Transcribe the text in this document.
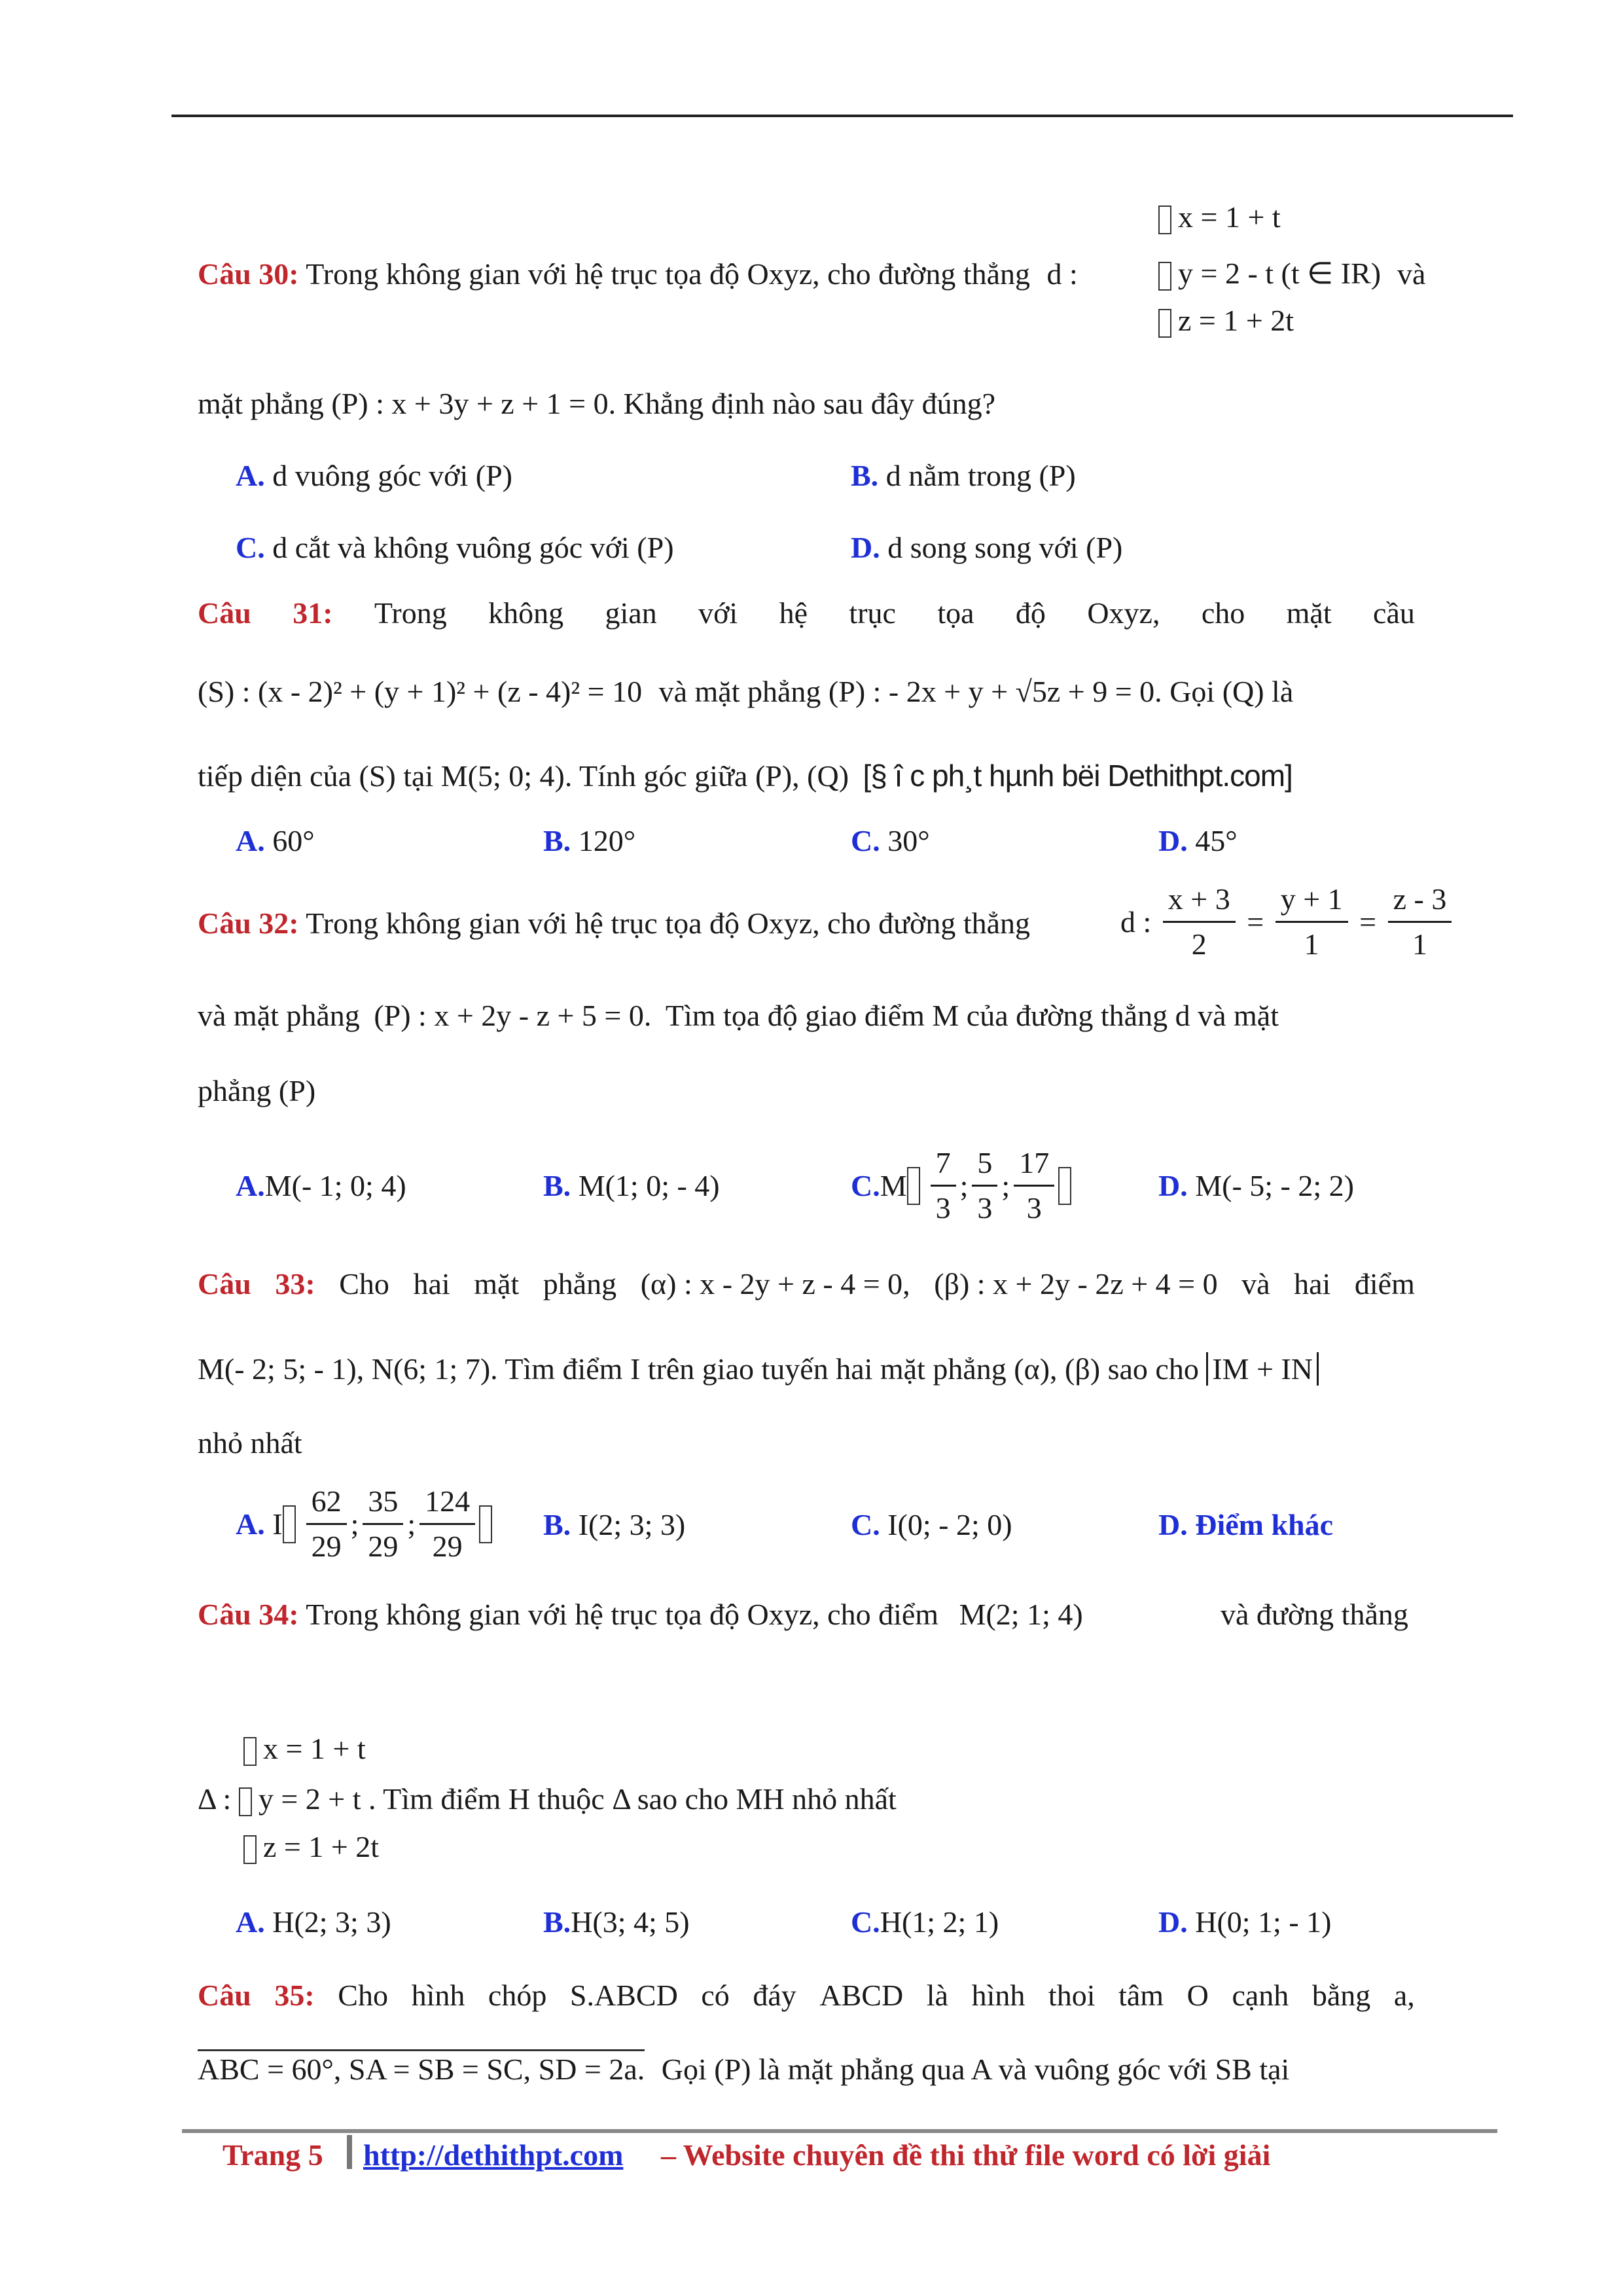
x = 1 + t
y = 2 - t (t ∈ IR)
z = 1 + 2t
Câu 30: Trong không gian với hệ trục tọa độ Oxyz, cho đường thẳng d :	và
mặt phẳng (P) : x + 3y + z + 1 = 0. Khẳng định nào sau đây đúng?
A. d vuông góc với (P)	B. d nằm trong (P)
C. d cắt và không vuông góc với (P)	D. d song song với (P)
Câu 31: Trong không gian với hệ trục tọa độ Oxyz, cho mặt cầu
(S) : (x - 2)² + (y + 1)² + (z - 4)² = 10 và mặt phẳng (P) : - 2x + y + √5z + 9 = 0. Gọi (Q) là
tiếp diện của (S) tại M(5; 0; 4). Tính góc giữa (P), (Q) [§ î c ph¸t hµnh bëi Dethithpt.com]
A. 60°	B. 120°	C. 30°	D. 45°
Câu 32: Trong không gian với hệ trục tọa độ Oxyz, cho đường thẳng	d : $\frac{x + 3}{2} = \frac{y + 1}{1} = \frac{z - 3}{1}$
và mặt phẳng (P) : x + 2y - z + 5 = 0. Tìm tọa độ giao điểm M của đường thẳng d và mặt
phẳng (P)
A.M(- 1; 0; 4)	B. M(1; 0; - 4)	$C.M \frac{7}{3}$ ; $\frac{5}{3}$ ; $\frac{17}{3}$	D. M(- 5; - 2; 2)
Câu 33: Cho hai mặt phẳng (α) : x - 2y + z - 4 = 0, (β) : x + 2y - 2z + 4 = 0 và hai điểm
M(- 2; 5; - 1), N(6; 1; 7). Tìm điểm I trên giao tuyến hai mặt phẳng (α), (β) sao cho IM + IN
nhỏ nhất
A. I $\frac{62}{29}$ ; $\frac{35}{29}$ ; $\frac{124}{29} B$. I(2; 3; 3)	C. I(0; - 2; 0)	D. Điểm khác
Câu 34: Trong không gian với hệ trục tọa độ Oxyz, cho điểm M(2; 1; 4)	và đường thẳng
x = 1 + t
Δ : y = 2 + t . Tìm điểm H thuộc Δ sao cho MH nhỏ nhất
z = 1 + 2t
A. H(2; 3; 3)	B.H(3; 4; 5)	C.H(1; 2; 1)	D. H(0; 1; - 1)
Câu 35: Cho hình chóp S.ABCD có đáy ABCD là hình thoi tâm O cạnh bằng a,
ABC = 60°, SA = SB = SC, SD = 2a. Gọi (P) là mặt phẳng qua A và vuông góc với SB tại
Trang 5 http://dethithpt.com – Website chuyên đề thi thử file word có lời giải
